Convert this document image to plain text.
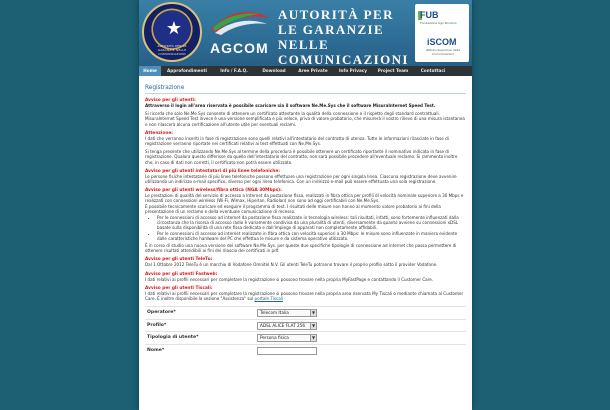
★
AUTORITÀ PER LE GARANZIE NELLE COMUNICAZIONI	AGCOM
AUTORITÀ PER LE GARANZIE NELLE COMUNICAZIONI
FUB
Fondazione Ugo Bordoni
iSCOM
Istituto Superiore delle Comunicazioni
Home	Approfondimenti	Info / F.A.Q.	Download	Aree Private	Info Privacy	Project Team	Contattaci
Registrazione
Avviso per gli utenti:

Attraverso il login all'area riservata è possibile scaricare sia il software Ne.Me.Sys che il software MisuraInternet Speed Test.

Si ricorda che solo Ne.Me.Sys consente di ottenere un certificato attestante la qualità della connessione e il rispetto degli standard contrattuali. MisuraInternet Speed Test invece è una versione semplificata e più veloce, priva di valore probatorio, che misurerà il vostro rilievo di una misura istantanea e non rilascerà alcuna certificazione all'utente utile per eventuali reclami.

Attenzione:

I dati che verranno inseriti in fase di registrazione sono quelli relativi all'intestatario del contratto di utenza. Tutte le informazioni rilasciate in fase di registrazione verranno riportate nei certificati relativi ai test effettuati con Ne.Me.Sys.

Si tenga presente che utilizzando Ne.Me.Sys al termine della procedura è possibile ottenere un certificato riportante il nominativo indicato in fase di registrazione. Qualora questo differisse da quello dell'intestatario del contratto, non sarà possibile procedere all'eventuale reclamo. Si rammenta inoltre che, in caso di dati non corretti, il certificato non potrà essere utilizzato.

Avviso per gli utenti intestatari di più linee telefoniche:

Le persone fisiche intestatarie di più linee telefoniche possono effettuare una registrazione per ogni singola linea. Ciascuna registrazione deve avvenire utilizzando un indirizzo e-mail specifico, diverso per ogni linea telefonica. Con un indirizzo e-mail può essere effettuata una sola registrazione.

Avviso per gli utenti wireless/fibra ottica (NGA 30Mbps):

Le prestazioni di qualità del servizio di accesso a Internet da postazione fissa, realizzati in fibra ottica per profili di velocità nominale superiore a 30 Mbps e realizzati con connessioni wireless (Wi-Fi, Wimax, Hiperlan, Radiolan) non sono ad oggi certificabili con Ne.Me.Sys.

È possibile tecnicamente scaricare ed eseguire il programma di test. I risultati delle misure non hanno al momento valore probatorio ai fini della presentazione di un reclamo e della eventuale comunicazione di recesso.

• Per le connessioni di accesso ad internet da postazione fissa realizzate in tecnologia wireless: tali risultati, infatti, sono fortemente influenzati dalla circostanza che la risorsa di accesso radio è variamente condivisa da una pluralità di utenti, diversamente da quanto avviene su connessioni xDSL basate sulla disponibilità di una rete fissa dedicata e dall'impiego di apparati non completamente affidabili.
• Per le connessioni di accesso ad internet realizzate in fibra ottica con velocità superiori a 30 Mbps: le misure sono influenzate in maniera evidente dalle caratteristiche hardware del PC che effettua le misure e da sistema operativo utilizzato.

È in corso di studio una nuova versione del software Ne.Me.Sys. per queste due specifiche tipologie di connessione ad internet che possa permettere di ottenere risultati attendibili ai fini dei rilascio dei certificati in pdf.

Avviso per gli utenti TeleTu:

Dal 1 Ottobre 2012 TeleTu è un marchio di Vodafone Omnitel N.V. Gli utenti TeleTu potranno trovare il proprio profilo sotto il provider Vodafone.

Avviso per gli utenti Fastweb:

I dati relativi ai profili necessari per completare la registrazione si possono trovare nella propria MyFastPage e contattando il Customer Care.

Avviso per gli utenti Tiscali:

I dati relativi ai profili necessari per completare la registrazione si possono trovare nella propria area riservata My Tiscali o mediante chiamata al Customer Care. È inoltre disponibile la sezione "Assistenza" sul portale Tiscali

Operatore*	Telecom Italia	▼
Profilo*	ADSL ALICE FLAT 256	▼
Tipologia di utente*	Persona fisica	▼
Nome*
